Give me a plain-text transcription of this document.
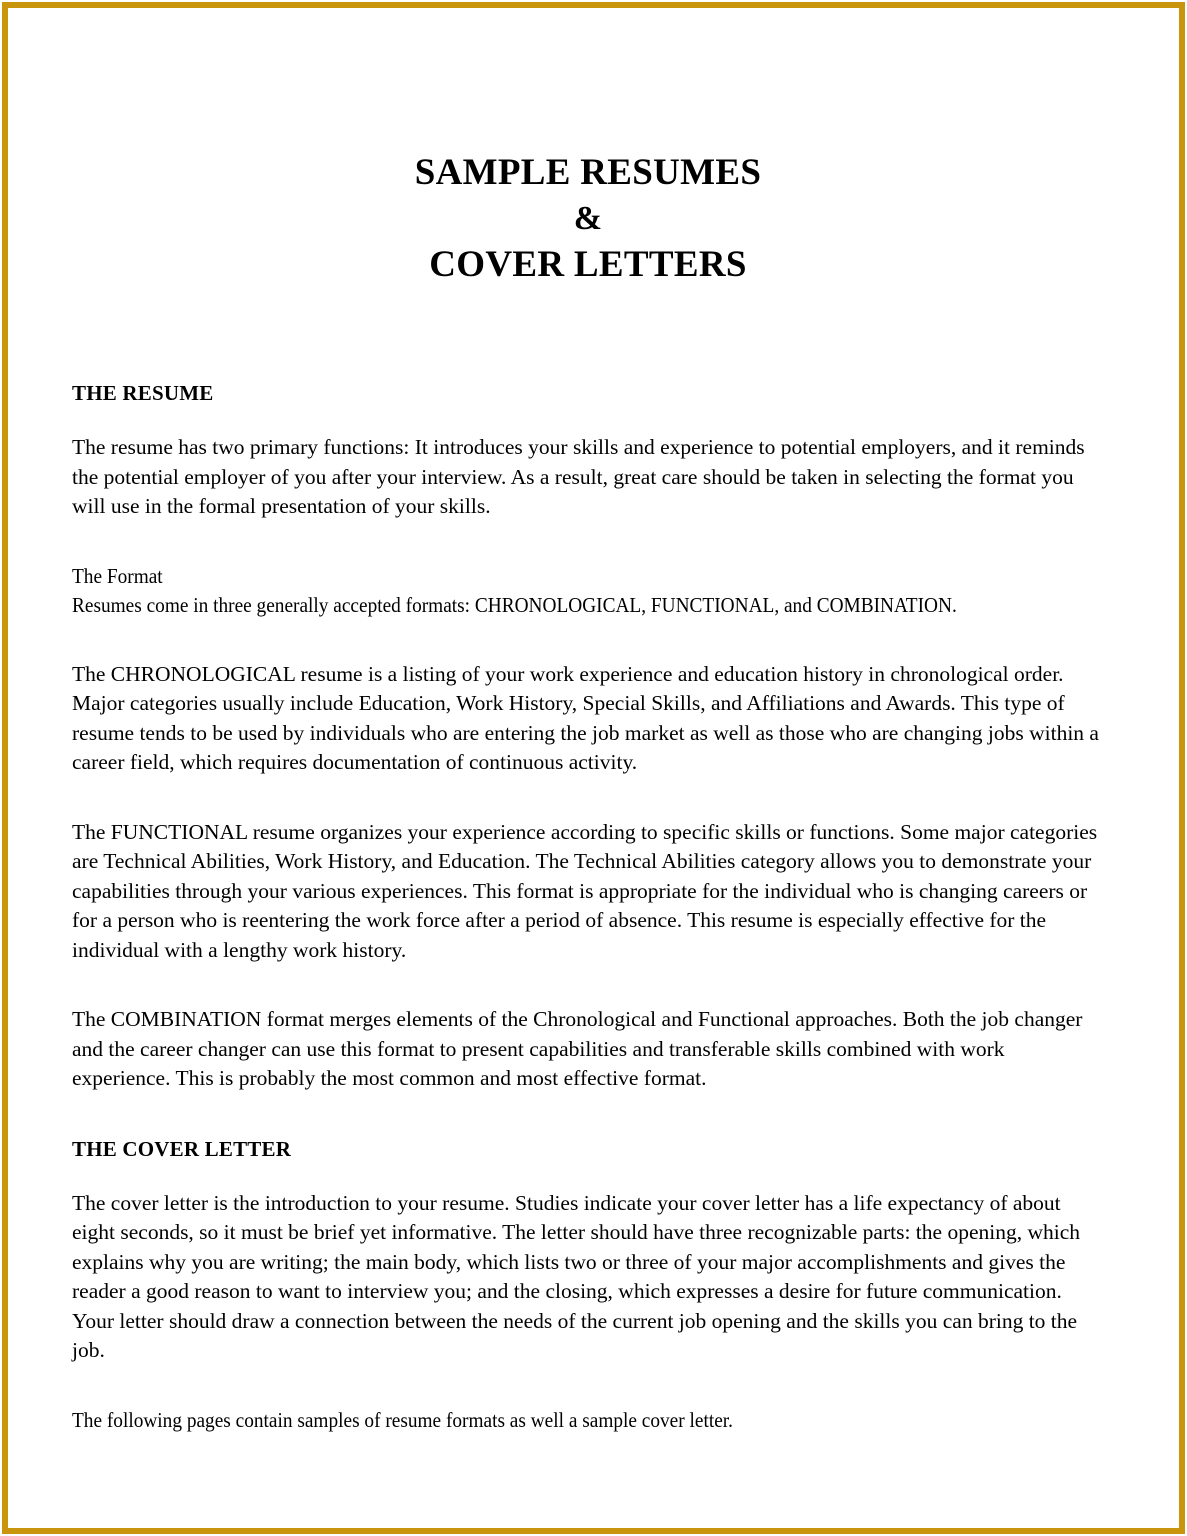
SAMPLE RESUMES
&
COVER LETTERS
THE RESUME

The resume has two primary functions: It introduces your skills and experience to potential employers, and it reminds the potential employer of you after your interview. As a result, great care should be taken in selecting the format you will use in the formal presentation of your skills.

The Format

Resumes come in three generally accepted formats: CHRONOLOGICAL, FUNCTIONAL, and COMBINATION.

The CHRONOLOGICAL resume is a listing of your work experience and education history in chronological order. Major categories usually include Education, Work History, Special Skills, and Affiliations and Awards. This type of resume tends to be used by individuals who are entering the job market as well as those who are changing jobs within a career field, which requires documentation of continuous activity.

The FUNCTIONAL resume organizes your experience according to specific skills or functions. Some major categories are Technical Abilities, Work History, and Education. The Technical Abilities category allows you to demonstrate your capabilities through your various experiences. This format is appropriate for the individual who is changing careers or for a person who is reentering the work force after a period of absence. This resume is especially effective for the individual with a lengthy work history.

The COMBINATION format merges elements of the Chronological and Functional approaches. Both the job changer and the career changer can use this format to present capabilities and transferable skills combined with work experience. This is probably the most common and most effective format.

THE COVER LETTER

The cover letter is the introduction to your resume. Studies indicate your cover letter has a life expectancy of about eight seconds, so it must be brief yet informative. The letter should have three recognizable parts: the opening, which explains why you are writing; the main body, which lists two or three of your major accomplishments and gives the reader a good reason to want to interview you; and the closing, which expresses a desire for future communication. Your letter should draw a connection between the needs of the current job opening and the skills you can bring to the job.

The following pages contain samples of resume formats as well a sample cover letter.
